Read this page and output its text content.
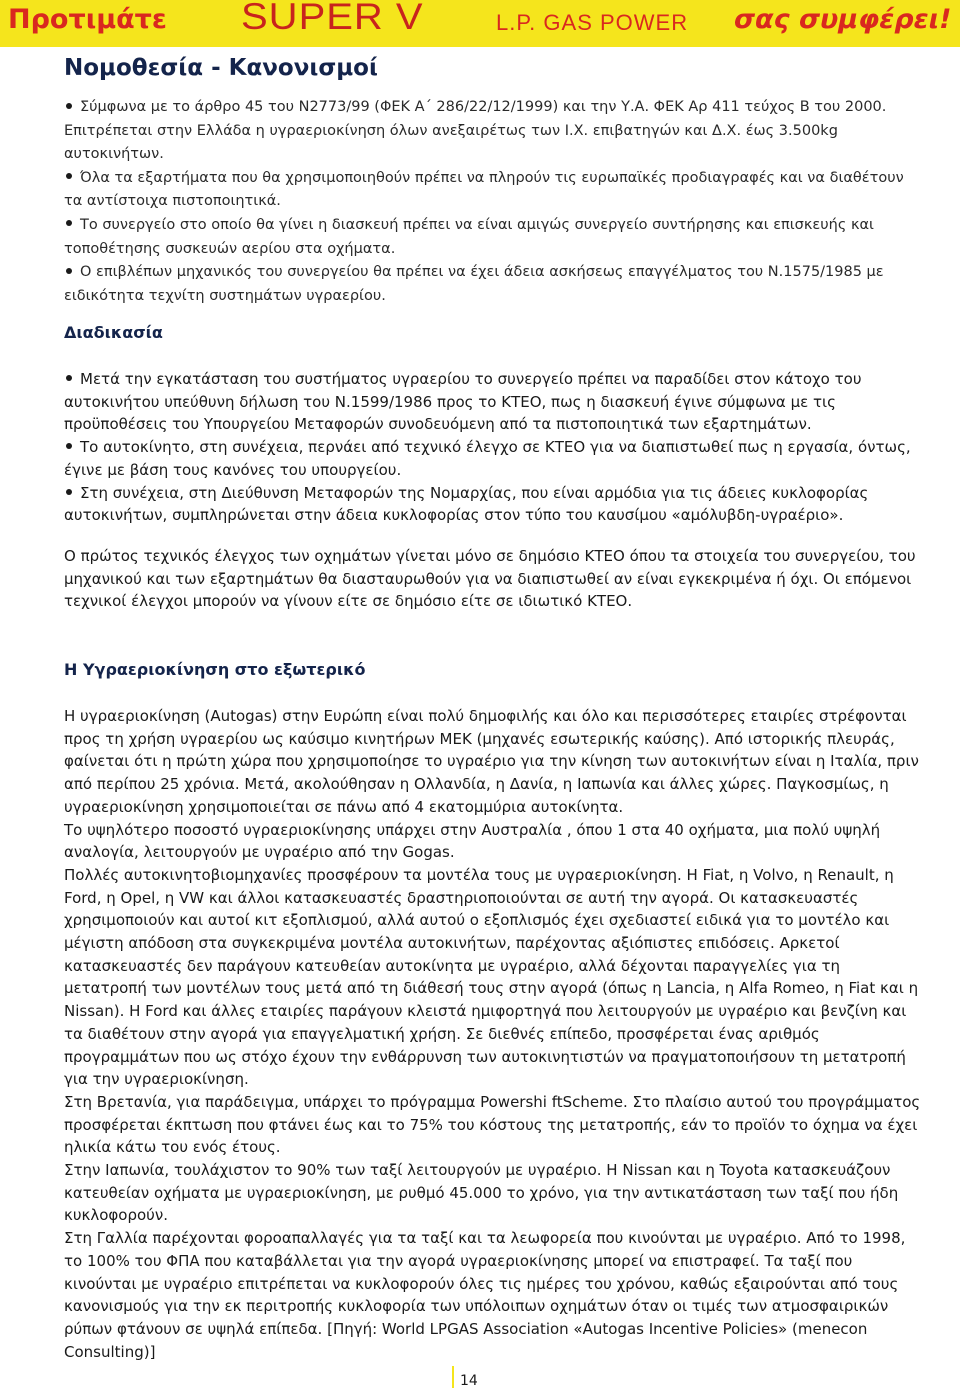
Προτιμάτε SUPER V	L.P. GAS POWER σας συμφέρει!
Νομοθεσία - Κανονισμοί

Σύμφωνα με το άρθρο 45 του Ν2773/99 (ΦΕΚ Α΄ 286/22/12/1999) και την Υ.Α. ΦΕΚ Αρ 411 τεύχος Β του 2000. Επιτρέπεται στην Ελλάδα η υγραεριοκίνηση όλων ανεξαιρέτως των Ι.Χ. επιβατηγών και Δ.Χ. έως 3.500kg αυτοκινήτων.

Όλα τα εξαρτήματα που θα χρησιμοποιηθούν πρέπει να πληρούν τις ευρωπαϊκές προδιαγραφές και να διαθέτουν τα αντίστοιχα πιστοποιητικά.

Το συνεργείο στο οποίο θα γίνει η διασκευή πρέπει να είναι αμιγώς συνεργείο συντήρησης και επισκευής και τοποθέτησης συσκευών αερίου στα οχήματα.

Ο επιβλέπων μηχανικός του συνεργείου θα πρέπει να έχει άδεια ασκήσεως επαγγέλματος του Ν.1575/1985 με ειδικότητα τεχνίτη συστημάτων υγραερίου.

Διαδικασία

Μετά την εγκατάσταση του συστήματος υγραερίου το συνεργείο πρέπει να παραδίδει στον κάτοχο του αυτοκινήτου υπεύθυνη δήλωση του Ν.1599/1986 προς το ΚΤΕΟ, πως η διασκευή έγινε σύμφωνα με τις προϋποθέσεις του Υπουργείου Μεταφορών συνοδευόμενη από τα πιστοποιητικά των εξαρτημάτων.

Το αυτοκίνητο, στη συνέχεια, περνάει από τεχνικό έλεγχο σε ΚΤΕΟ για να διαπιστωθεί πως η εργασία, όντως, έγινε με βάση τους κανόνες του υπουργείου.

Στη συνέχεια, στη Διεύθυνση Μεταφορών της Νομαρχίας, που είναι αρμόδια για τις άδειες κυκλοφορίας αυτοκινήτων, συμπληρώνεται στην άδεια κυκλοφορίας στον τύπο του καυσίμου «αμόλυβδη-υγραέριο».

Ο πρώτος τεχνικός έλεγχος των οχημάτων γίνεται μόνο σε δημόσιο ΚΤΕΟ όπου τα στοιχεία του συνεργείου, του μηχανικού και των εξαρτημάτων θα διασταυρωθούν για να διαπιστωθεί αν είναι εγκεκριμένα ή όχι. Οι επόμενοι τεχνικοί έλεγχοι μπορούν να γίνουν είτε σε δημόσιο είτε σε ιδιωτικό ΚΤΕΟ.

Η Υγραεριοκίνηση στο εξωτερικό

Η υγραεριοκίνηση (Autogas) στην Ευρώπη είναι πολύ δημοφιλής και όλο και περισσότερες εταιρίες στρέφονται προς τη χρήση υγραερίου ως καύσιμο κινητήρων ΜΕΚ (μηχανές εσωτερικής καύσης). Από ιστορικής πλευράς, φαίνεται ότι η πρώτη χώρα που χρησιμοποίησε το υγραέριο για την κίνηση των αυτοκινήτων είναι η Ιταλία, πριν από περίπου 25 χρόνια. Μετά, ακολούθησαν η Ολλανδία, η Δανία, η Ιαπωνία και άλλες χώρες. Παγκοσμίως, η υγραεριοκίνηση χρησιμοποιείται σε πάνω από 4 εκατομμύρια αυτοκίνητα.

Το υψηλότερο ποσοστό υγραεριοκίνησης υπάρχει στην Αυστραλία , όπου 1 στα 40 οχήματα, μια πολύ υψηλή αναλογία, λειτουργούν με υγραέριο από την Gogas.

Πολλές αυτοκινητοβιομηχανίες προσφέρουν τα μοντέλα τους με υγραεριοκίνηση. Η Fiat, η Volvo, η Renault, η Ford, η Opel, η VW και άλλοι κατασκευαστές δραστηριοποιούνται σε αυτή την αγορά. Οι κατασκευαστές χρησιμοποιούν και αυτοί κιτ εξοπλισμού, αλλά αυτού ο εξοπλισμός έχει σχεδιαστεί ειδικά για το μοντέλο και μέγιστη απόδοση στα συγκεκριμένα μοντέλα αυτοκινήτων, παρέχοντας αξιόπιστες επιδόσεις. Αρκετοί κατασκευαστές δεν παράγουν κατευθείαν αυτοκίνητα με υγραέριο, αλλά δέχονται παραγγελίες για τη μετατροπή των μοντέλων τους μετά από τη διάθεσή τους στην αγορά (όπως η Lancia, η Alfa Romeo, η Fiat και η Nissan). Η Ford και άλλες εταιρίες παράγουν κλειστά ημιφορτηγά που λειτουργούν με υγραέριο και βενζίνη και τα διαθέτουν στην αγορά για επαγγελματική χρήση. Σε διεθνές επίπεδο, προσφέρεται ένας αριθμός προγραμμάτων που ως στόχο έχουν την ενθάρρυνση των αυτοκινητιστών να πραγματοποιήσουν τη μετατροπή για την υγραεριοκίνηση.

Στη Βρετανία, για παράδειγμα, υπάρχει το πρόγραμμα Powershi ftScheme. Στο πλαίσιο αυτού του προγράμματος προσφέρεται έκπτωση που φτάνει έως και το 75% του κόστους της μετατροπής, εάν το προϊόν το όχημα να έχει ηλικία κάτω του ενός έτους.

Στην Ιαπωνία, τουλάχιστον το 90% των ταξί λειτουργούν με υγραέριο. Η Nissan και η Toyota κατασκευάζουν κατευθείαν οχήματα με υγραεριοκίνηση, με ρυθμό 45.000 το χρόνο, για την αντικατάσταση των ταξί που ήδη κυκλοφορούν.

Στη Γαλλία παρέχονται φοροαπαλλαγές για τα ταξί και τα λεωφορεία που κινούνται με υγραέριο. Από το 1998, το 100% του ΦΠΑ που καταβάλλεται για την αγορά υγραεριοκίνησης μπορεί να επιστραφεί. Τα ταξί που κινούνται με υγραέριο επιτρέπεται να κυκλοφορούν όλες τις ημέρες του χρόνου, καθώς εξαιρούνται από τους κανονισμούς για την εκ περιτροπής κυκλοφορία των υπόλοιπων οχημάτων όταν οι τιμές των ατμοσφαιρικών ρύπων φτάνουν σε υψηλά επίπεδα. [Πηγή: World LPGAS Association «Autogas Incentive Policies» (menecon Consulting)]

14
